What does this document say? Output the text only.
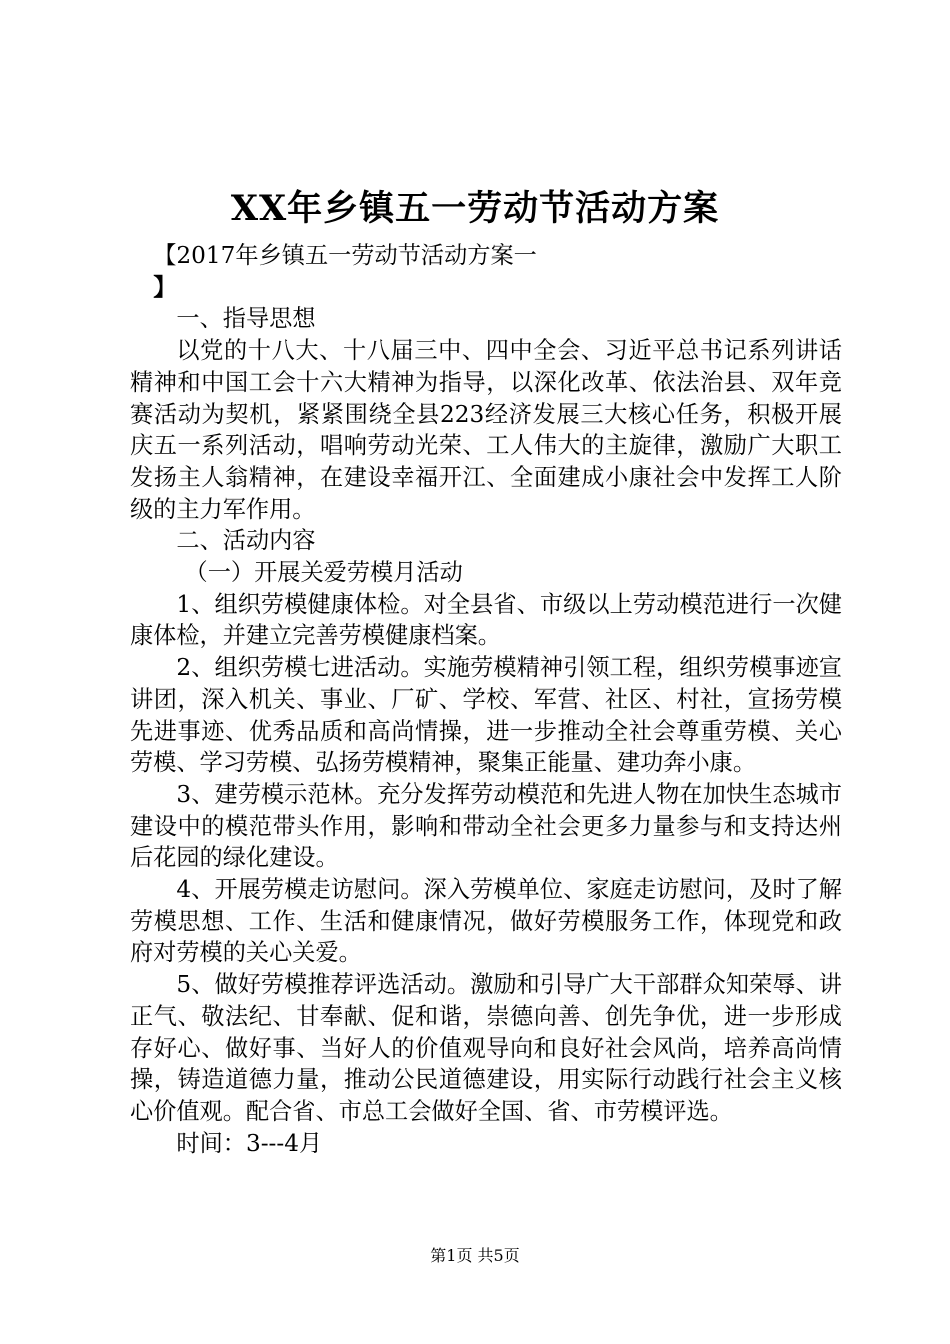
XX年乡镇五一劳动节活动方案

【2017年乡镇五一劳动节活动方案一

】

一、指导思想

以党的十八大、十八届三中、四中全会、习近平总书记系列讲话精神和中国工会十六大精神为指导，以深化改革、依法治县、双年竞赛活动为契机，紧紧围绕全县223经济发展三大核心任务，积极开展庆五一系列活动，唱响劳动光荣、工人伟大的主旋律，激励广大职工发扬主人翁精神，在建设幸福开江、全面建成小康社会中发挥工人阶级的主力军作用。

二、活动内容

（一）开展关爱劳模月活动

1、组织劳模健康体检。对全县省、市级以上劳动模范进行一次健康体检，并建立完善劳模健康档案。

2、组织劳模七进活动。实施劳模精神引领工程，组织劳模事迹宣讲团，深入机关、事业、厂矿、学校、军营、社区、村社，宣扬劳模先进事迹、优秀品质和高尚情操，进一步推动全社会尊重劳模、关心劳模、学习劳模、弘扬劳模精神，聚集正能量、建功奔小康。

3、建劳模示范林。充分发挥劳动模范和先进人物在加快生态城市建设中的模范带头作用，影响和带动全社会更多力量参与和支持达州后花园的绿化建设。

4、开展劳模走访慰问。深入劳模单位、家庭走访慰问，及时了解劳模思想、工作、生活和健康情况，做好劳模服务工作，体现党和政府对劳模的关心关爱。

5、做好劳模推荐评选活动。激励和引导广大干部群众知荣辱、讲正气、敬法纪、甘奉献、促和谐，崇德向善、创先争优，进一步形成存好心、做好事、当好人的价值观导向和良好社会风尚，培养高尚情操，铸造道德力量，推动公民道德建设，用实际行动践行社会主义核心价值观。配合省、市总工会做好全国、省、市劳模评选。

时间：3---4月

第1页 共5页
